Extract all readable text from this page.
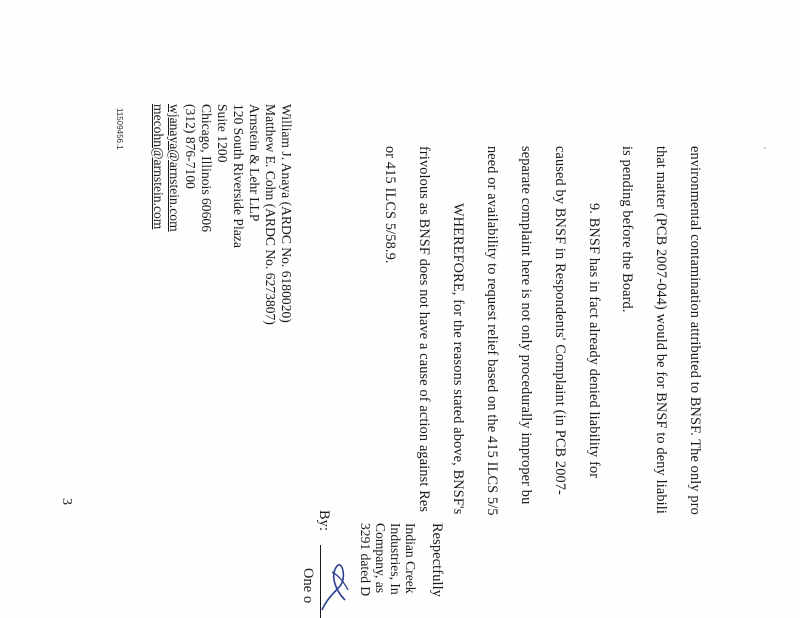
environmental contamination attributed to BNSF. The only pro
that matter (PCB 2007-044) would be for BNSF to deny liabili
is pending before the Board.
9. BNSF has in fact already denied liability for
caused by BNSF in Respondents' Complaint (in PCB 2007-
separate complaint here is not only procedurally improper bu
need or availability to request relief based on the 415 ILCS 5/5
WHEREFORE, for the reasons stated above, BNSF's
frivolous as BNSF does not have a cause of action against Res
or 415 ILCS 5/58.9.
Respectfully
Indian Creek
Industries, In
Company, as
3291 dated D
By:
One o
William J. Anaya (ARDC No. 6180020)
Matthew E. Cohn (ARDC No. 6273807)
Arnstein & Lehr LLP
120 South Riverside Plaza
Suite 1200
Chicago, Illinois 60606
(312) 876-7100
wjanaya@arnstein.com
mecohn@arnstein.com
3
11509456.1
